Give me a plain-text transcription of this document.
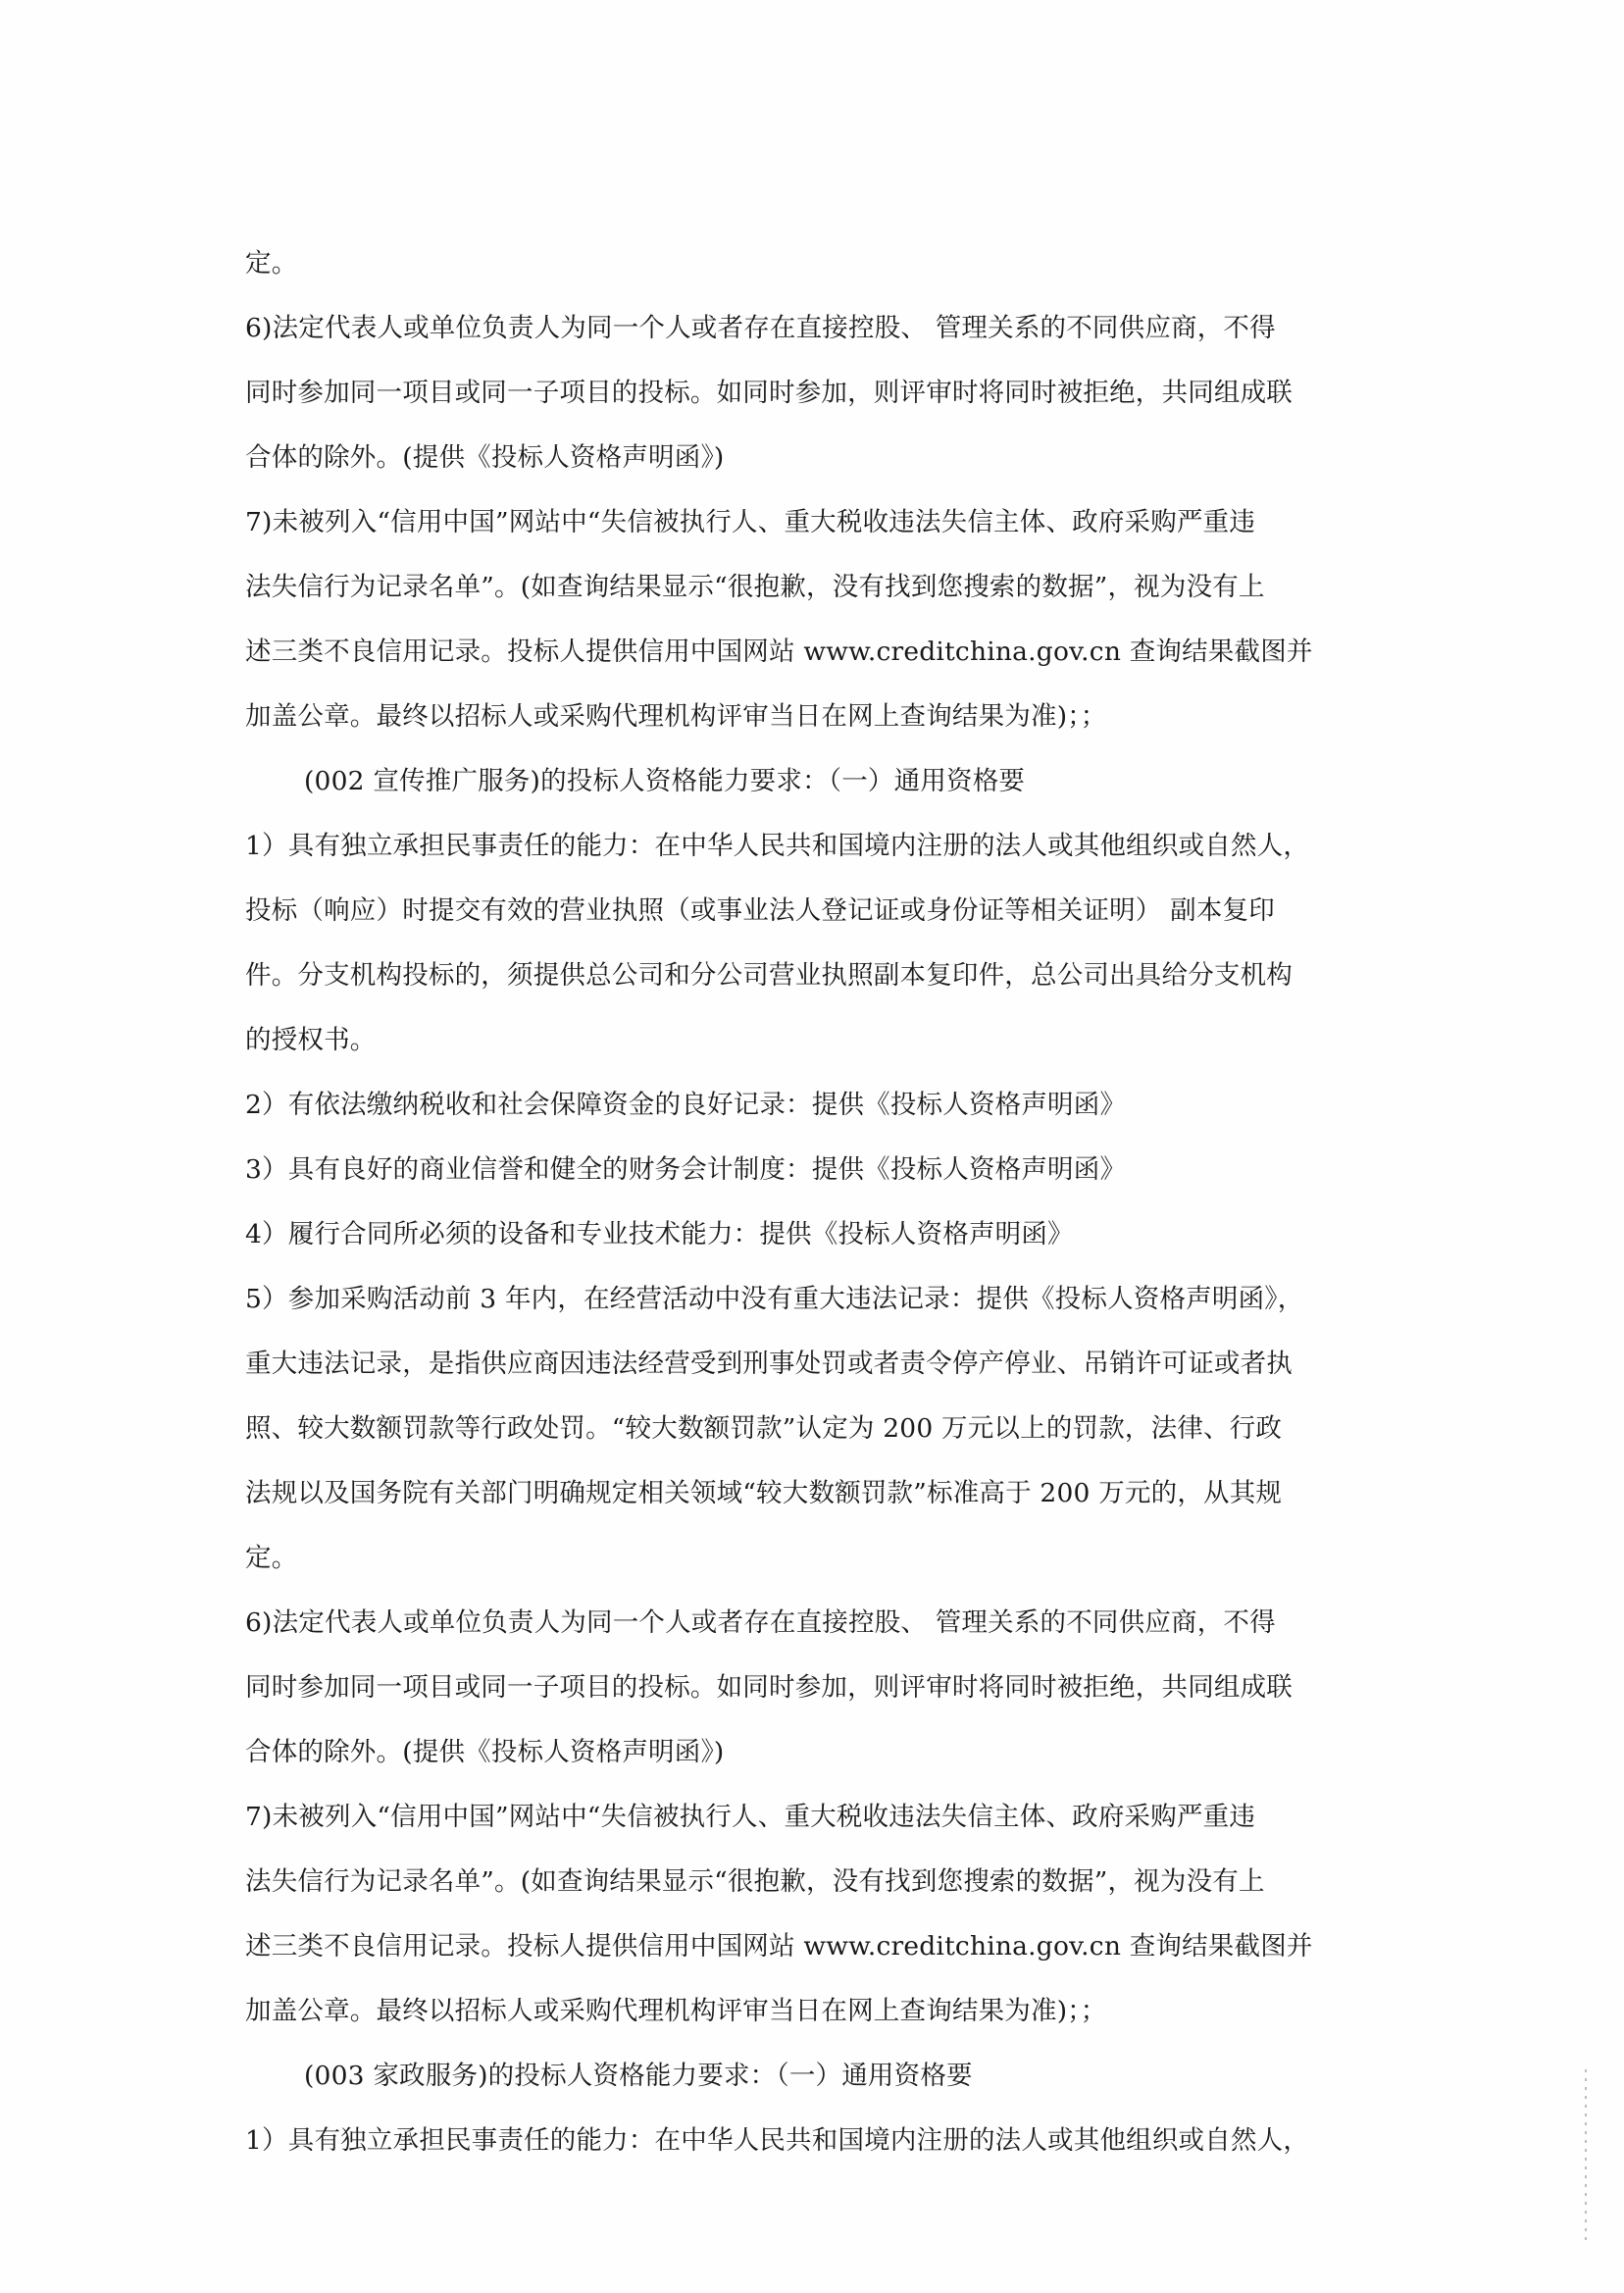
定。
6)法定代表人或单位负责人为同一个人或者存在直接控股、 管理关系的不同供应商，不得
同时参加同一项目或同一子项目的投标。如同时参加，则评审时将同时被拒绝，共同组成联
合体的除外。(提供《投标人资格声明函》)
7)未被列入“信用中国”网站中“失信被执行人、重大税收违法失信主体、政府采购严重违
法失信行为记录名单”。(如查询结果显示“很抱歉，没有找到您搜索的数据”，视为没有上
述三类不良信用记录。投标人提供信用中国网站 www.creditchina.gov.cn 查询结果截图并
加盖公章。最终以招标人或采购代理机构评审当日在网上查询结果为准)；；
(002 宣传推广服务)的投标人资格能力要求：（一）通用资格要
1）具有独立承担民事责任的能力：在中华人民共和国境内注册的法人或其他组织或自然人，
投标（响应）时提交有效的营业执照（或事业法人登记证或身份证等相关证明） 副本复印
件。分支机构投标的，须提供总公司和分公司营业执照副本复印件，总公司出具给分支机构
的授权书。
2）有依法缴纳税收和社会保障资金的良好记录：提供《投标人资格声明函》
3）具有良好的商业信誉和健全的财务会计制度：提供《投标人资格声明函》
4）履行合同所必须的设备和专业技术能力：提供《投标人资格声明函》
5）参加采购活动前 3 年内，在经营活动中没有重大违法记录：提供《投标人资格声明函》，
重大违法记录，是指供应商因违法经营受到刑事处罚或者责令停产停业、吊销许可证或者执
照、较大数额罚款等行政处罚。“较大数额罚款”认定为 200 万元以上的罚款，法律、行政
法规以及国务院有关部门明确规定相关领域“较大数额罚款”标准高于 200 万元的，从其规
定。
6)法定代表人或单位负责人为同一个人或者存在直接控股、 管理关系的不同供应商，不得
同时参加同一项目或同一子项目的投标。如同时参加，则评审时将同时被拒绝，共同组成联
合体的除外。(提供《投标人资格声明函》)
7)未被列入“信用中国”网站中“失信被执行人、重大税收违法失信主体、政府采购严重违
法失信行为记录名单”。(如查询结果显示“很抱歉，没有找到您搜索的数据”，视为没有上
述三类不良信用记录。投标人提供信用中国网站 www.creditchina.gov.cn 查询结果截图并
加盖公章。最终以招标人或采购代理机构评审当日在网上查询结果为准)；；
(003 家政服务)的投标人资格能力要求：（一）通用资格要
1）具有独立承担民事责任的能力：在中华人民共和国境内注册的法人或其他组织或自然人，
